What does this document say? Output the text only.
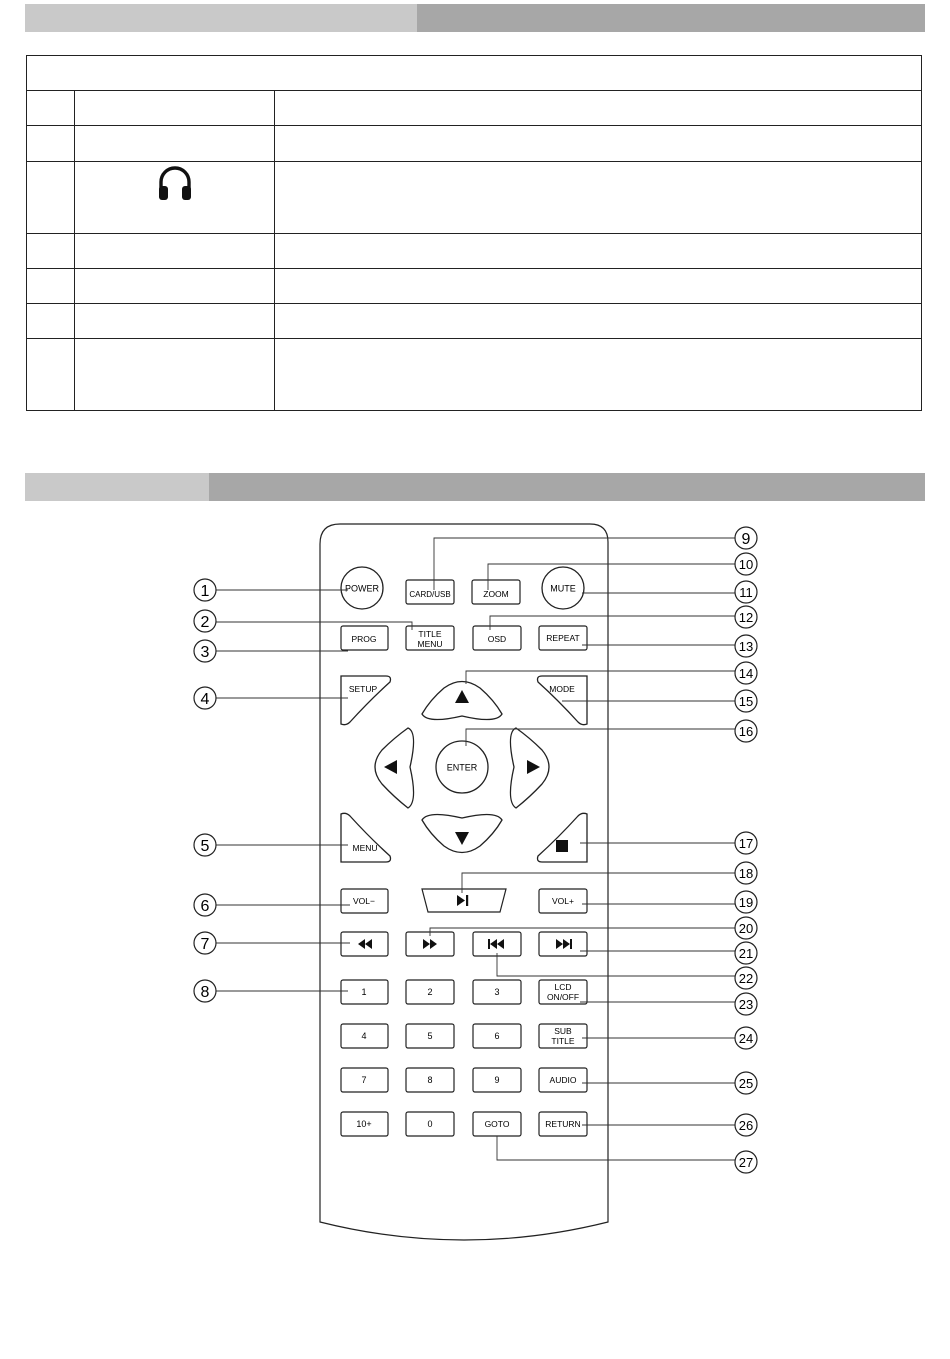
POWER	MUTE
CARD/USB	ZOOM
PROG	TITLE
MENU	OSD	REPEAT
SETUP	MODE
ENTER
MENU
VOL−	VOL+
1	2	3	LCD
ON/OFF
4	5	6	SUB
TITLE
7	8	9	AUDIO
10+	0	GOTO	RETURN
1
2
3
4
5
6
7
8
9
10
11
12
13
14
15
16
17
18
19
20
21
22
23
24
25
26
27
